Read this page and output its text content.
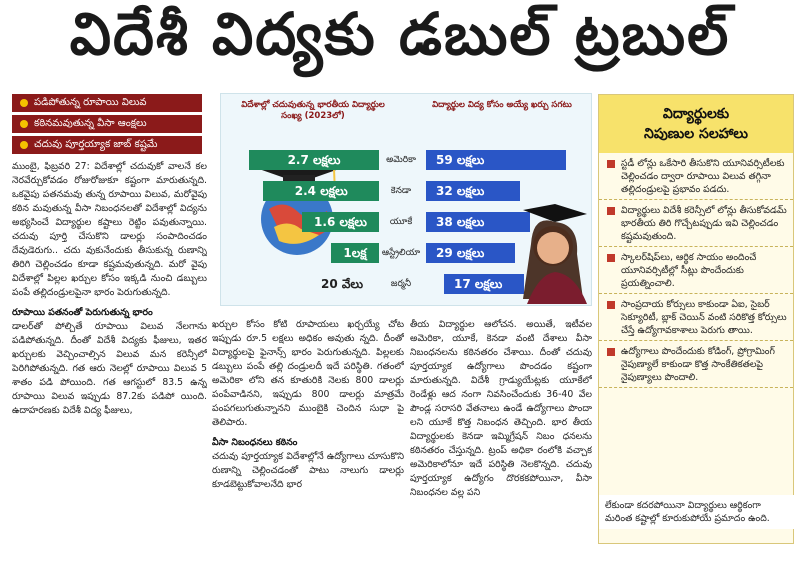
విదేశీ విద్యకు డబుల్ ట్రబుల్
పడిపోతున్న రూపాయి విలువ
కఠినమవుతున్న వీసా ఆంక్షలు
చదువు పూర్తయ్యాక జాబ్ కష్టమే

ముంబై, ఫిబ్రవరి 27: విదేశాల్లో చదువుకో వాలనే కల నెరవేర్చుకోవడం రోజురోజుకూ కష్టంగా మారుతున్నది. ఒకవైపు పతనమవు తున్న రూపాయి విలువ, మరోవైపు కఠిన మవుతున్న వీసా నిబంధనలతో విదేశాల్లో విద్యను అభ్యసించే విద్యార్థుల కష్టాలు రెట్టిం పవుతున్నాయి. చదువు పూర్తి చేసుకొని డాలర్లు సంపాదించడం దేవుడెరుగు.. చదు వుకునేందుకు తీసుకున్న రుణాన్ని తిరిగి చెల్లించడం కూడా కష్టమవుతున్నది. మరో వైపు విదేశాల్లో పిల్లల ఖర్చుల కోసం ఇక్కడి నుంచి డబ్బులు పంపే తల్లిదండ్రులపైనా భారం పెరుగుతున్నది.

రూపాయి పతనంతో పెరుగుతున్న భారం

డాలర్‌తో పోల్చితే రూపాయి విలువ నేలగాను పడిపోతున్నది. దీంతో విదేశీ విద్యకు ఫీజులు, ఇతర ఖర్చులకు వెచ్చించాల్సిన విలువ మన కరెన్సీలో పెరిగిపోతున్నది. గత ఆరు నెలల్లో రూపాయి విలువ 5 శాతం పడి పోయింది. గత ఆగస్టులో 83.5 ఉన్న రూపాయి విలువ ఇప్పుడు 87.2కు పడిపో యింది. ఉదాహరణకు విదేశీ విద్య ఫీజులు,

విదేశాల్లో చదువుతున్న భారతీయ విద్యార్థుల సంఖ్య (2023లో)
విద్యార్థుల విద్య కోసం అయ్యే ఖర్చు సగటు
2.7 లక్షలు	అమెరికా	59 లక్షలు
2.4 లక్షలు	కెనడా	32 లక్షలు
1.6 లక్షలు	యూకే	38 లక్షలు
1లక్ష	ఆస్ట్రేలియా	29 లక్షలు
20 వేలు	జర్మనీ	17 లక్షలు

ఖర్చుల కోసం కోటి రూపాయలు ఖర్చయ్యే చోట ఇప్పుడు రూ.5 లక్షలు అధికం అవుతు న్నది. దీంతో విద్యార్థులపై ఫైనాన్స్ భారం పెరుగుతున్నది. పిల్లలకు డబ్బులు పంపే తల్లి దండ్రులదీ ఇదే పరిస్థితి. గతంలో అమెరికా లోని తన కూతురికి నెలకు 800 డాలర్లు పంపేవాడినని, ఇప్పుడు 800 డాలర్లు మాత్రమే పంపగలుగుతున్నానని ముంబైకి చెందిన సుధా పై తెలిపారు.

వీసా నిబంధనలు కఠినం

చదువు పూర్తయ్యాక విదేశాల్లోనే ఉద్యోగాలు చూసుకొని రుణాన్ని చెల్లించడంతో పాటు నాలుగు డాలర్లు కూడబెట్టుకోవాలనేది భార

తీయ విద్యార్థుల ఆలోచన. అయితే, ఇటీవల అమెరికా, యూకే, కెనడా వంటి దేశాలు వీసా నిబంధనలను కఠినతరం చేశాయి. దీంతో చదువు పూర్తయ్యాక ఉద్యోగాలు పొందడం కష్టంగా మారుతున్నది. విదేశీ గ్రాడ్యుయేట్లకు యూకేలో రెండేళ్లు ఆద నంగా నివసించేందుకు 36-40 వేల పౌండ్ల సరాసరి వేతనాలు ఉండే ఉద్యోగాలు పొందా లని యూకే కొత్త నిబంధన తెచ్చింది. భార తీయ విద్యార్థులకు కెనడా ఇమ్మిగ్రేషన్ నిబం ధనలను కఠినతరం చేస్తున్నది. ట్రంప్ అధికా రంలోకి వచ్చాక అమెరికాలోనూ ఇదే పరిస్థితి నెలకొన్నది. చదువు పూర్తయ్యాక ఉద్యోగం దొరకకపోయినా, వీసా నిబంధనల వల్ల పని

విద్యార్థులకు
నిపుణుల సలహాలు
స్టడీ లోన్లు ఒకేసారి తీసుకొని యూనివర్సిటీలకు చెల్లించడం ద్వారా రూపాయి విలువ తగ్గినా తల్లిదండ్రులపై ప్రభావం పడదు.
విద్యార్థులు విదేశీ కరెన్సీలో లోన్లు తీసుకోవడమ్ భారతీయ తిరి గొచ్చేటప్పుడు ఇవి చెల్లించడం కష్టమవుతుంది.
స్కాలర్‌షిప్‌లు, ఆర్థిక సాయం అందించే యూనివర్సిటీల్లో సీట్లు పొందేందుకు ప్రయత్నించాలి.
సాంప్రదాయ కోర్సులు కాకుండా ఏఐ, సైబర్ సెక్యూరిటీ, బ్లాక్ చెయిన్ వంటి సరికొత్త కోర్సులు చేస్తే ఉద్యోగావకాశాలు పెరుగు తాయి.
ఉద్యోగాలు పొందేందుకు కోడింగ్, ప్రోగ్రామింగ్ నైపుణ్యాలే కాకుండా కొత్త సాంకేతికతలపై నైపుణ్యాలు పొందాలి.
లేకుండా కదరపోయినా విద్యార్థులు ఆర్థికంగా మరింత కష్టాల్లో కూరుకుపోయే ప్రమాదం ఉంది.
